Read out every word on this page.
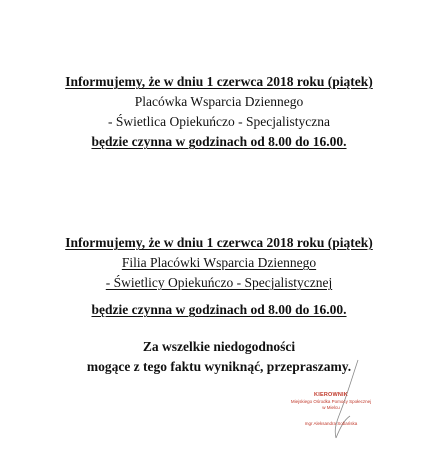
Informujemy, że w dniu 1 czerwca 2018 roku (piątek)
Placówka Wsparcia Dziennego
- Świetlica Opiekuńczo - Specjalistyczna
będzie czynna w godzinach od 8.00 do 16.00.
Informujemy, że w dniu 1 czerwca 2018 roku (piątek)
Filia Placówki Wsparcia Dziennego
- Świetlicy Opiekuńczo - Specjalistycznej
będzie czynna w godzinach od 8.00 do 16.00.
Za wszelkie niedogodności
mogące z tego faktu wyniknąć, przepraszamy.
KIEROWNIK
Miejskiego Ośrodka Pomocy Społecznej
w Mielcu
mgr Aleksandra Sobańska
